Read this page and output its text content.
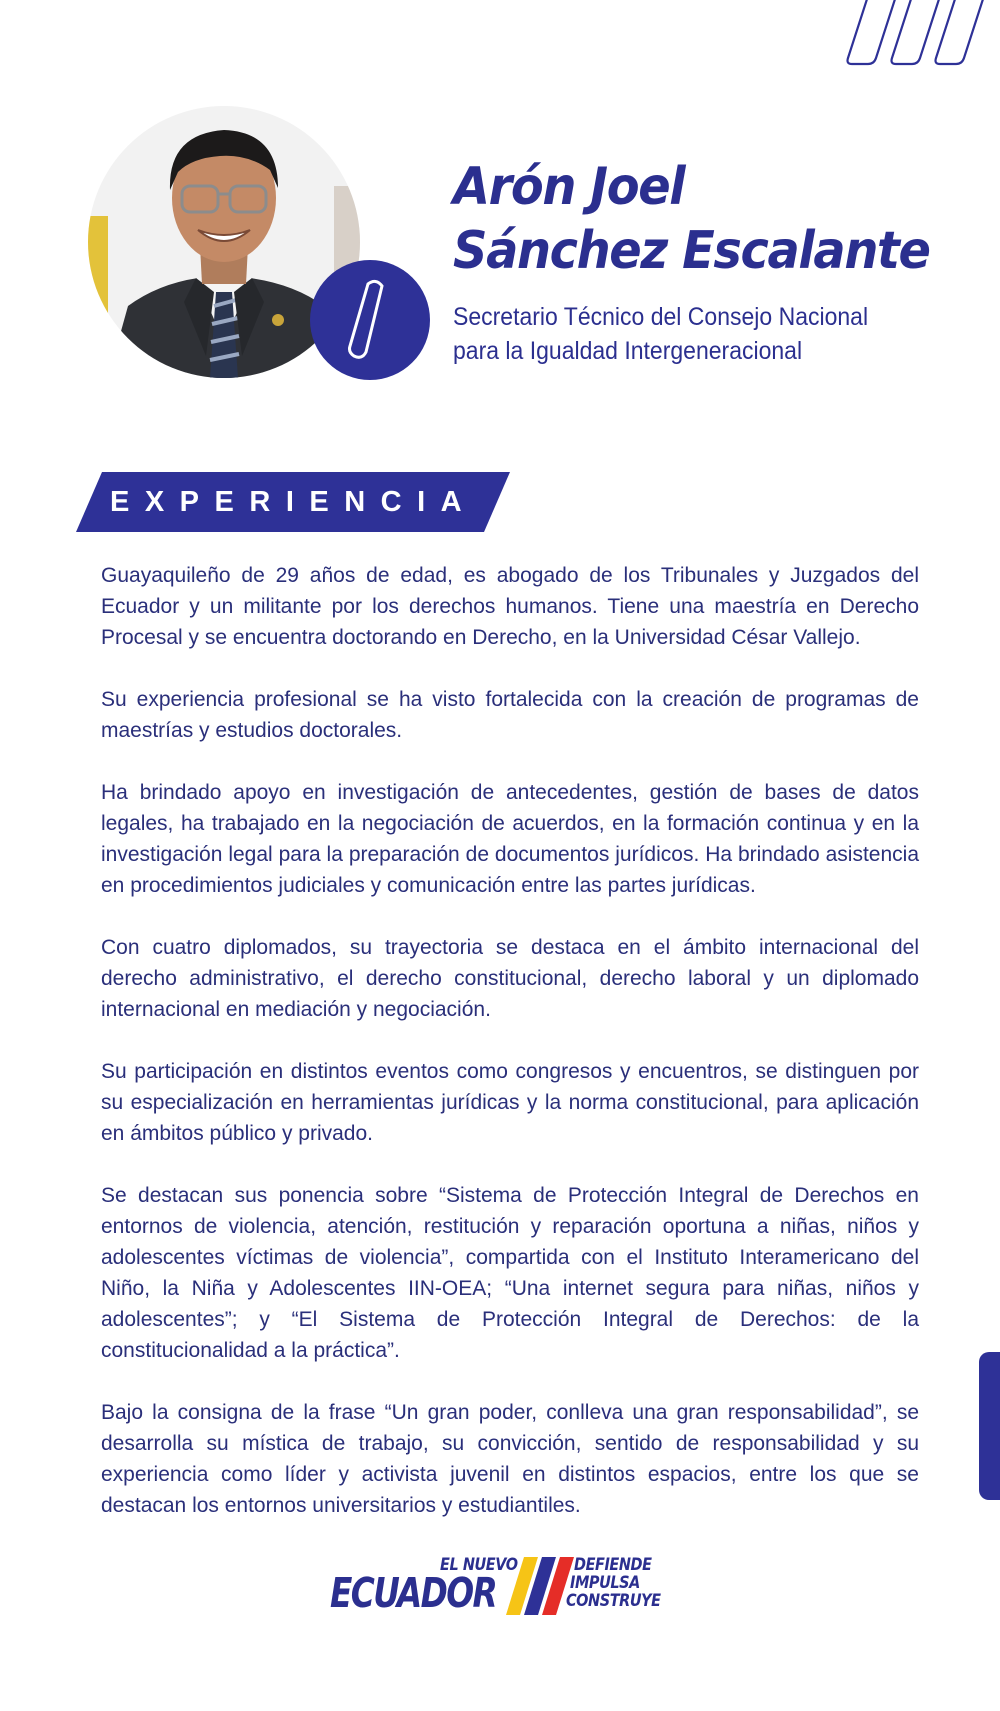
Arón Joel
Sánchez Escalante
Secretario Técnico del Consejo Nacional
para la Igualdad Intergeneracional
EXPERIENCIA

Guayaquileño de 29 años de edad, es abogado de los Tribunales y Juzgados del Ecuador y un militante por los derechos humanos. Tiene una maestría en Derecho Procesal y se encuentra doctorando en Derecho, en la Universidad César Vallejo.

Su experiencia profesional se ha visto fortalecida con la creación de programas de maestrías y estudios doctorales.

Ha brindado apoyo en investigación de antecedentes, gestión de bases de datos legales, ha trabajado en la negociación de acuerdos, en la formación continua y en la investigación legal para la preparación de documentos jurídicos. Ha brindado asistencia en procedimientos judiciales y comunicación entre las partes jurídicas.

Con cuatro diplomados, su trayectoria se destaca en el ámbito internacional del derecho administrativo, el derecho constitucional, derecho laboral y un diplomado internacional en mediación y negociación.

Su participación en distintos eventos como congresos y encuentros, se distinguen por su especialización en herramientas jurídicas y la norma constitucional, para aplicación en ámbitos público y privado.

Se destacan sus ponencia sobre “Sistema de Protección Integral de Derechos en entornos de violencia, atención, restitución y reparación oportuna a niñas, niños y adolescentes víctimas de violencia”, compartida con el Instituto Interamericano del Niño, la Niña y Adolescentes IIN-OEA; “Una internet segura para niñas, niños y adolescentes”; y “El Sistema de Protección Integral de Derechos: de la constitucionalidad a la práctica”.

Bajo la consigna de la frase “Un gran poder, conlleva una gran responsabilidad”, se desarrolla su mística de trabajo, su convicción, sentido de responsabilidad y su experiencia como líder y activista juvenil en distintos espacios, entre los que se destacan los entornos universitarios y estudiantiles.

EL NUEVO
ECUADOR
DEFIENDE
IMPULSA
CONSTRUYE
